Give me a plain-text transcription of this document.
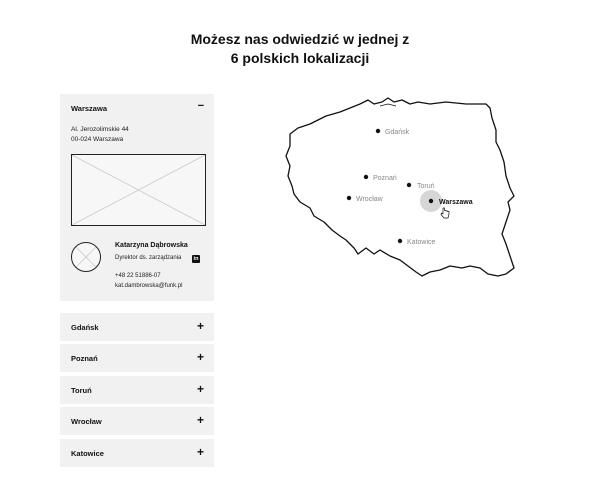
Możesz nas odwiedzić w jednej z
6 polskich lokalizacji
Warszawa	−
Al. Jerozolimskie 44
00-024 Warszawa
Katarzyna Dąbrowska
Dyrektor ds. zarządzania in
+48 22 51886-07
kat.dambrowska@funk.pl
Gdańsk	+
Poznań	+
Toruń	+
Wrocław	+
Katowice	+
Gdańsk
Poznań
Toruń
Wrocław	Warszawa
Katowice
